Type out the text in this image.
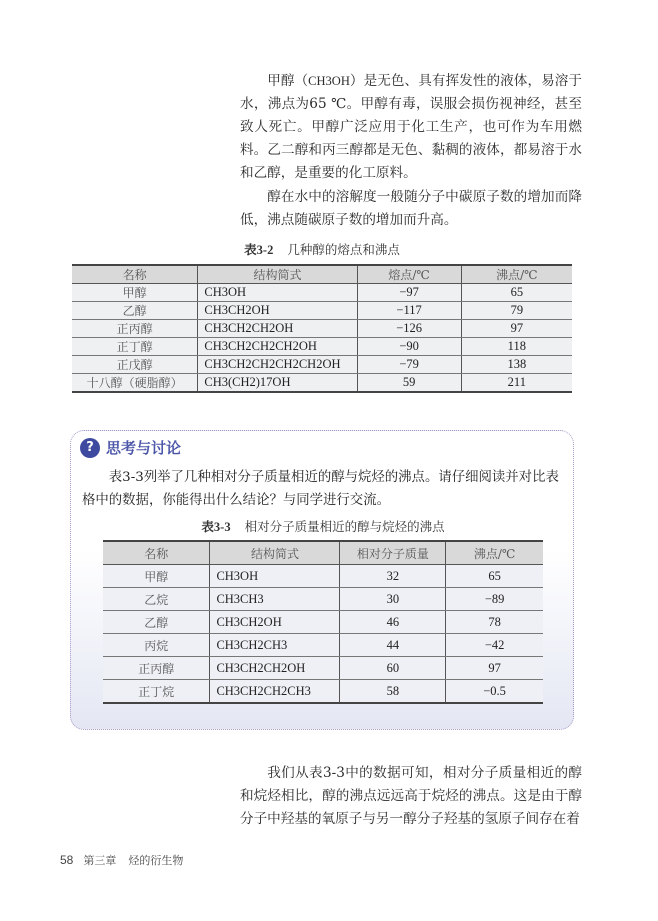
甲醇（CH3OH）是无色、具有挥发性的液体，易溶于水，沸点为65 ℃。甲醇有毒，误服会损伤视神经，甚至致人死亡。甲醇广泛应用于化工生产，也可作为车用燃料。乙二醇和丙三醇都是无色、黏稠的液体，都易溶于水和乙醇，是重要的化工原料。

醇在水中的溶解度一般随分子中碳原子数的增加而降低，沸点随碳原子数的增加而升高。

表3-2 几种醇的熔点和沸点
名称	结构简式	熔点/℃	沸点/℃
甲醇	CH3OH	−97	65
乙醇	CH3CH2OH	−117	79
正丙醇	CH3CH2CH2OH	−126	97
正丁醇	CH3CH2CH2CH2OH	−90	118
正戊醇	CH3CH2CH2CH2CH2OH	−79	138
十八醇（硬脂醇）	CH3(CH2)17OH	59	211
? 思考与讨论

表3-3列举了几种相对分子质量相近的醇与烷烃的沸点。请仔细阅读并对比表格中的数据，你能得出什么结论？与同学进行交流。

表3-3 相对分子质量相近的醇与烷烃的沸点
名称	结构简式	相对分子质量	沸点/℃
甲醇	CH3OH	32	65
乙烷	CH3CH3	30	−89
乙醇	CH3CH2OH	46	78
丙烷	CH3CH2CH3	44	−42
正丙醇	CH3CH2CH2OH	60	97
正丁烷	CH3CH2CH2CH3	58	−0.5

我们从表3-3中的数据可知，相对分子质量相近的醇和烷烃相比，醇的沸点远远高于烷烃的沸点。这是由于醇分子中羟基的氧原子与另一醇分子羟基的氢原子间存在着

58 第三章 烃的衍生物
